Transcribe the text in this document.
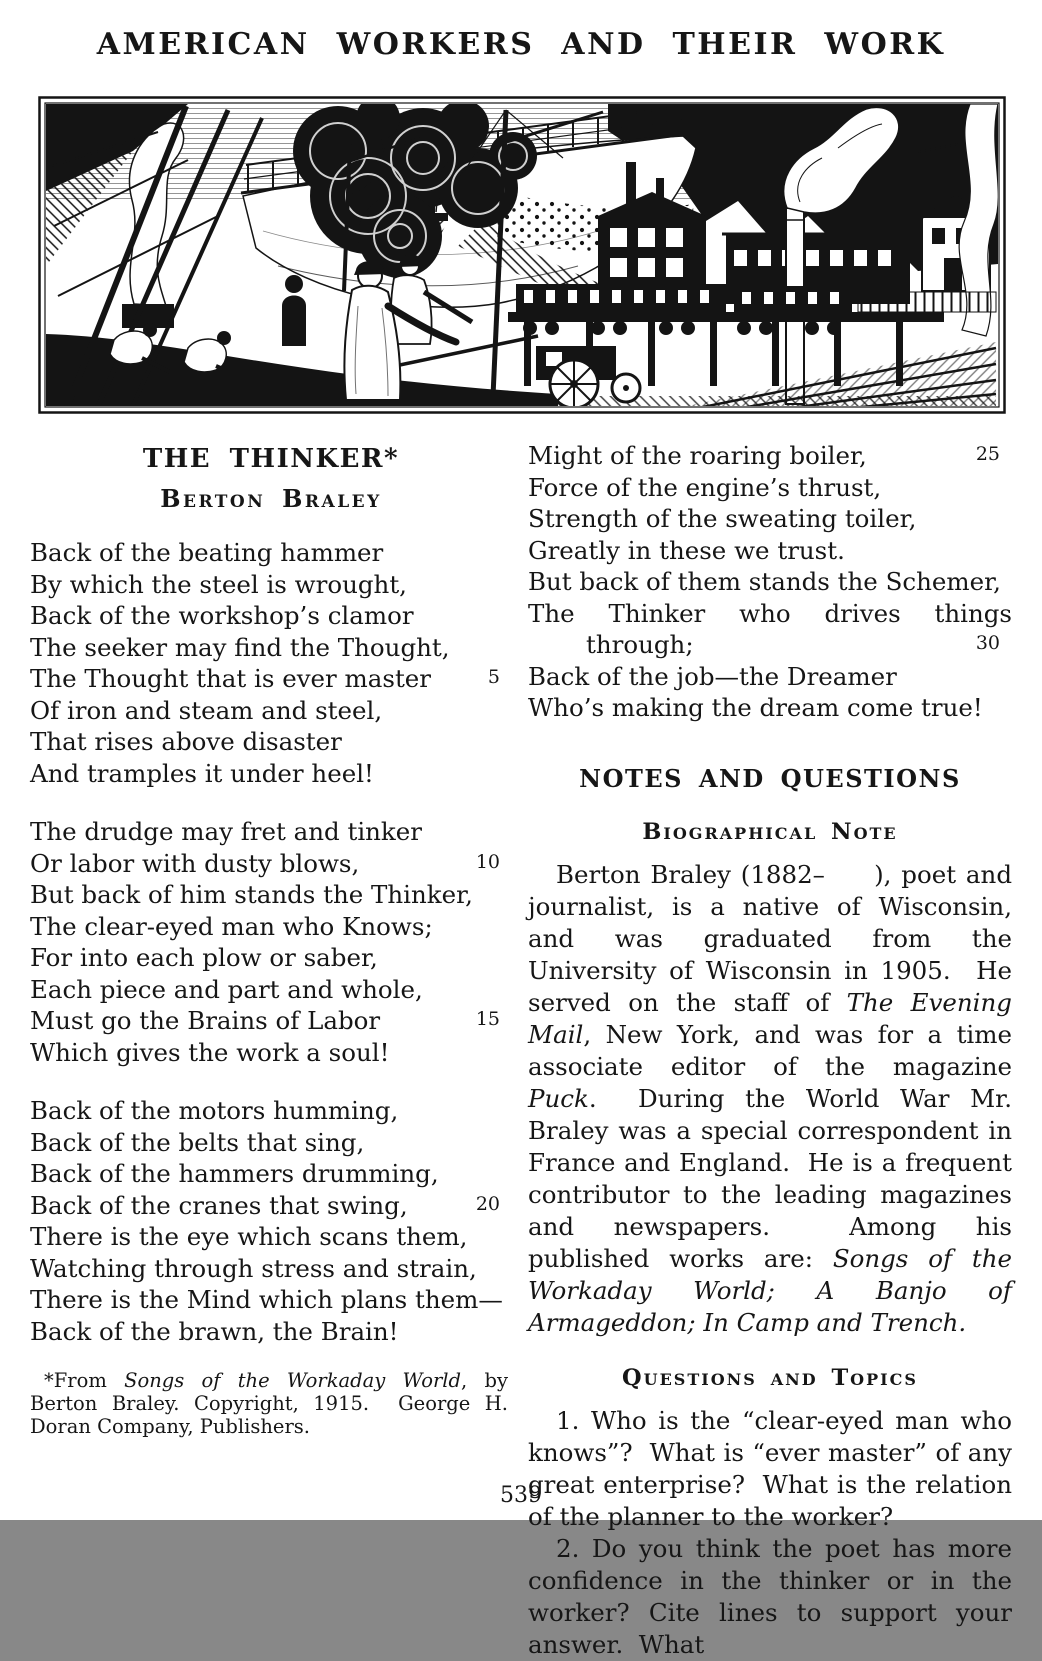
AMERICAN WORKERS AND THEIR WORK
THE THINKER*
Berton Braley
Back of the beating hammer
By which the steel is wrought,
Back of the workshop’s clamor
The seeker may find the Thought,
The Thought that is ever master	5
Of iron and steam and steel,
That rises above disaster
And tramples it under heel!
The drudge may fret and tinker
Or labor with dusty blows,	10
But back of him stands the Thinker,
The clear-eyed man who Knows;
For into each plow or saber,
Each piece and part and whole,
Must go the Brains of Labor	15
Which gives the work a soul!
Back of the motors humming,
Back of the belts that sing,
Back of the hammers drumming,
Back of the cranes that swing,	20
There is the eye which scans them,
Watching through stress and strain,
There is the Mind which plans them—
Back of the brawn, the Brain!

*From Songs of the Workaday World, by Berton Braley. Copyright, 1915.  George H. Doran Company, Publishers.

Might of the roaring boiler,	25
Force of the engine’s thrust,
Strength of the sweating toiler,
Greatly in these we trust.
But back of them stands the Schemer,
The Thinker who drives things
through;	30
Back of the job—the Dreamer
Who’s making the dream come true!
NOTES AND QUESTIONS
Biographical Note

Berton Braley (1882–     ), poet and journalist, is a native of Wisconsin, and was graduated from the University of Wisconsin in 1905.  He served on the staff of The Evening Mail, New York, and was for a time associate editor of the magazine Puck.  During the World War Mr. Braley was a special correspondent in France and England.  He is a frequent contributor to the leading magazines and newspapers.  Among his published works are: Songs of the Workaday World; A Banjo of Armageddon; In Camp and Trench.

Questions and Topics

1. Who is the “clear-eyed man who knows”?  What is “ever master” of any great enterprise?  What is the relation of the planner to the worker?

2. Do you think the poet has more confidence in the thinker or in the worker? Cite lines to support your answer.  What

539
